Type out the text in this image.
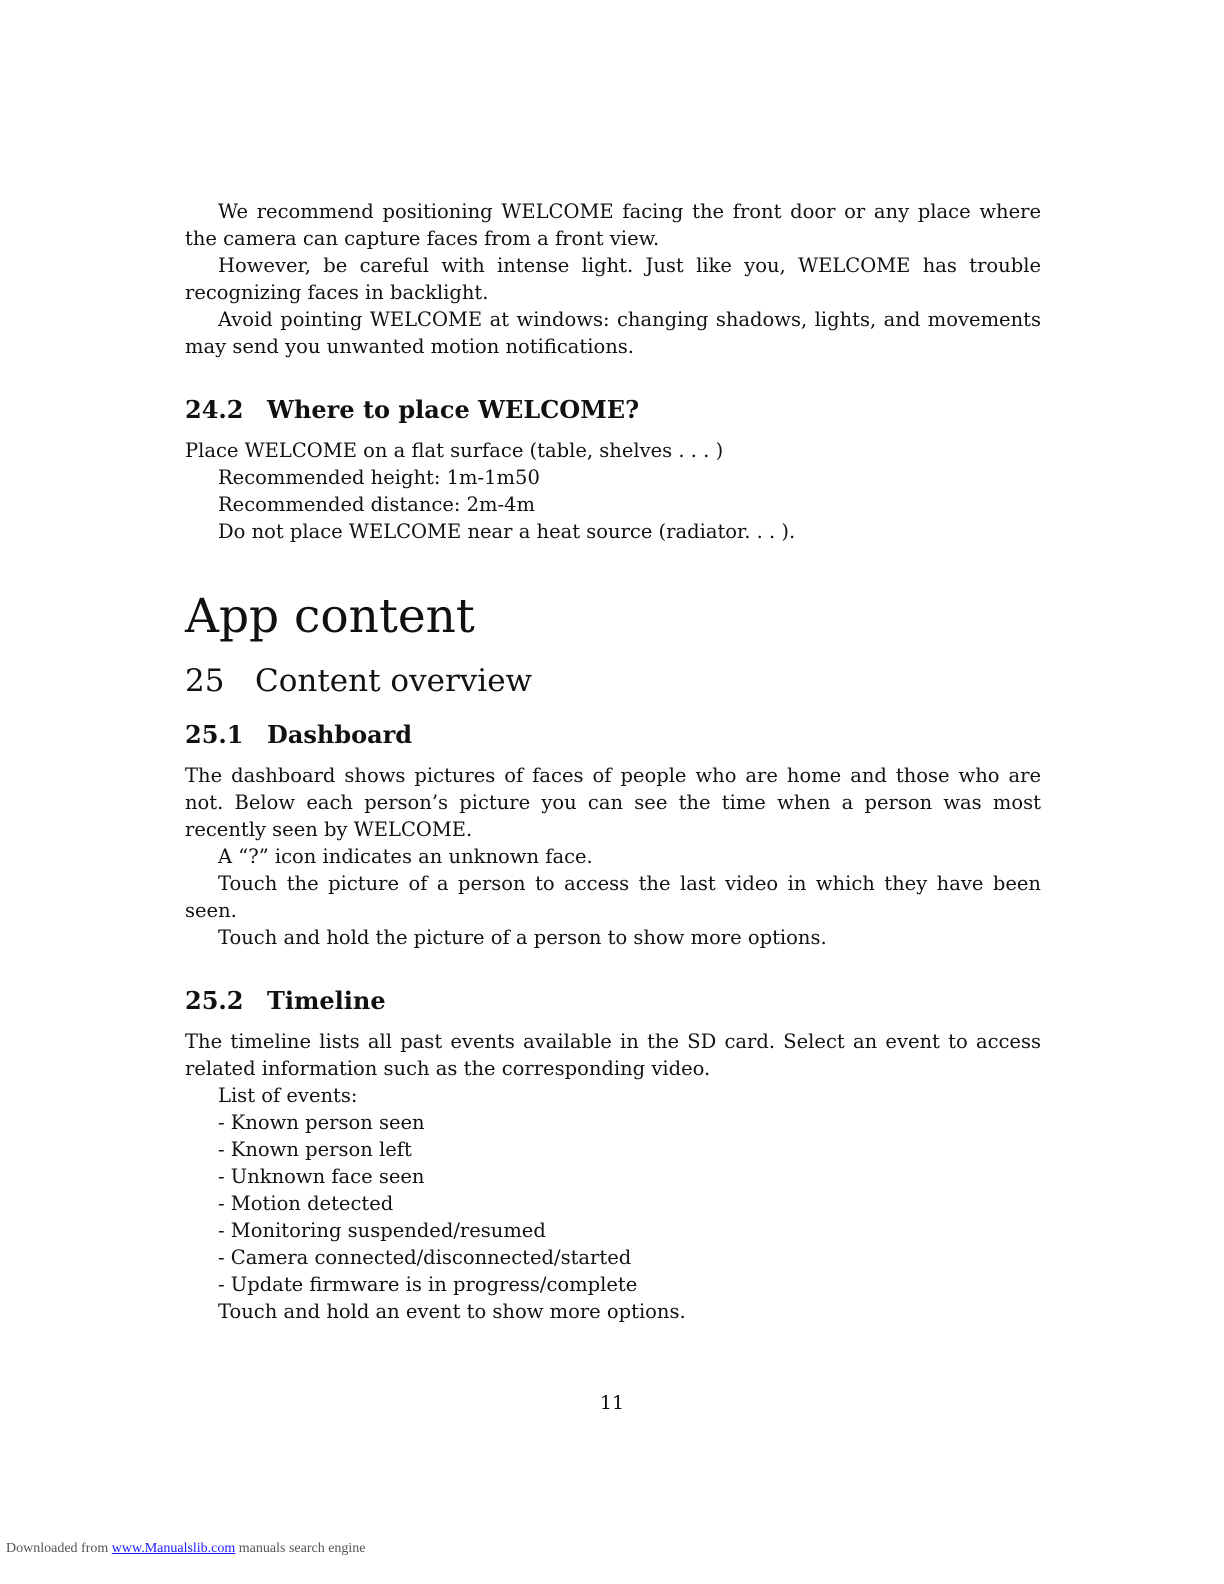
We recommend positioning WELCOME facing the front door or any place where the camera can capture faces from a front view.

However, be careful with intense light. Just like you, WELCOME has trouble recognizing faces in backlight.

Avoid pointing WELCOME at windows: changing shadows, lights, and movements may send you unwanted motion notifications.

24.2 Where to place WELCOME?

Place WELCOME on a flat surface (table, shelves . . . )

Recommended height: 1m-1m50

Recommended distance: 2m-4m

Do not place WELCOME near a heat source (radiator. . . ).

App content
25 Content overview
25.1 Dashboard

The dashboard shows pictures of faces of people who are home and those who are not. Below each person’s picture you can see the time when a person was most recently seen by WELCOME.

A “?” icon indicates an unknown face.

Touch the picture of a person to access the last video in which they have been seen.

Touch and hold the picture of a person to show more options.

25.2 Timeline

The timeline lists all past events available in the SD card. Select an event to access related information such as the corresponding video.

List of events:

- Known person seen

- Known person left

- Unknown face seen

- Motion detected

- Monitoring suspended/resumed

- Camera connected/disconnected/started

- Update firmware is in progress/complete

Touch and hold an event to show more options.

11
Downloaded from www.Manualslib.com manuals search engine
